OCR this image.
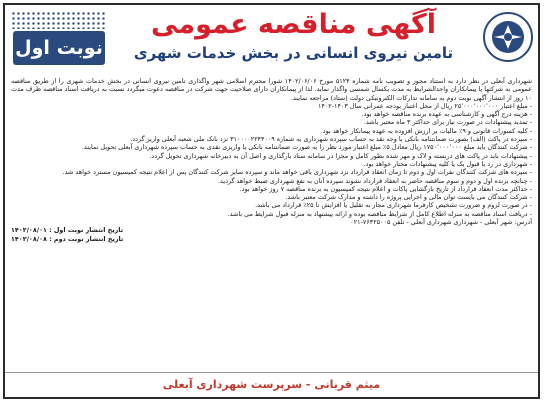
آگهی مناقصه عمومی
تامین نیروی انسانی در بخش خدمات شهری
نوبت اول

شهرداری آبعلی در نظر دارد به استناد مجوز و تصویب نامه شماره ۵۱۲۴ مورخ ۱۴۰۲/۰۶/۰۶ شورا محترم اسلامی شهر واگذاری تامین نیروی انسانی در بخش خدمات شهری را از طریق مناقصه عمومی به شرکتها یا پیمانکاران واجدالشرایط به مدت یکسال شمسی واگذار نماید. لذا از پیمانکاران دارای صلاحیت جهت شرکت در مناقصه دعوت میگردد نسبت به دریافت اسناد مناقصه ظرف مدت ۱۰ روز از انتشار آگهی نوبت دوم به سامانه تدارکات الکترونیکی دولت (ستاد) مراجعه نمایند.

- مبلغ اعتبار ۲۵٬۰۰۰٬۰۰۰٬۰۰۰ ریال از محل اعتبار بودجه عمرانی سال ۱۴۰۳-۱۴۰۲

- هزینه درج آگهی و کارشناسی به عهده برنده مناقصه خواهد بود.

- تمدید پیشنهادات در صورت نیاز برای حداکثر ۳ ماه معتبر باشد.

- کلیه کسورات قانونی و ۹٪ مالیات بر ارزش افزوده به عهده پیمانکار خواهد بود.

- سپرده در پاکت (الف) بصورت ضمانتنامه بانکی یا وجه نقد به حساب سپرده شهرداری به شماره ۳۱۰۰۰۰۲۲۴۴۰۰۹ نزد بانک ملی شعبه آبعلی واریز گردد.

- شرکت کنندگان باید مبلغ ۱۷۵۰٬۰۰۰٬۰۰۰ ریال معادل ۵٪ مبلغ اعتبار مورد نظر را به صورت ضمانتنامه بانکی یا واریزی نقدی به حساب سپرده شهرداری آبعلی تحویل نمایند.

- پیشنهادات باید در پاکت های دربسته و لاک و مهر شده بطور کامل و مجزا در سامانه ستاد بارگذاری و اصل آن به دبیرخانه شهرداری تحویل گردد.

- شهرداری در رد یا قبول یک یا کلیه پیشنهادات مختار خواهد بود.

- سپرده های شرکت کنندگان نفرات اول و دوم تا زمان انعقاد قرارداد نزد شهرداری باقی خواهد ماند و سپرده سایر شرکت کنندگان پس از اعلام نتیجه کمیسیون مسترد خواهد شد.

- چنانچه برنده اول و دوم و سوم مناقصه حاضر به انعقاد قرارداد نشوند سپرده آنان به نفع شهرداری ضبط خواهد گردید.

- حداکثر مدت انعقاد قرارداد از تاریخ بازگشایی پاکات و اعلام نتیجه کمیسیون به برنده مناقصه ۷ روز خواهد بود.

- شرکت کنندگان می بایست توان مالی و اجرایی پروژه را داشته و مدارک شرکت معتبر باشد.

- در صورت لزوم و ضرورت تشخیص کارفرما شهرداری مجاز به تقلیل یا افزایش تا ۲۵٪ قرارداد می باشد.

- دریافت اسناد مناقصه به منزله اطلاع کامل از شرایط مناقصه بوده و ارائه پیشنهاد به منزله قبول شرایط می باشد.

آدرس: شهر آبعلی - شهرداری شهرداری آبعلی - تلفن ۷۶۳۲۵۰۰۵-۰۲۱

تاریخ انتشار نوبت اول : ۱۴۰۲/۰۸/۰۱

تاریخ انتشار نوبت دوم : ۱۴۰۲/۰۸/۰۸

میثم قربانی - سرپرست شهرداری آبعلی
